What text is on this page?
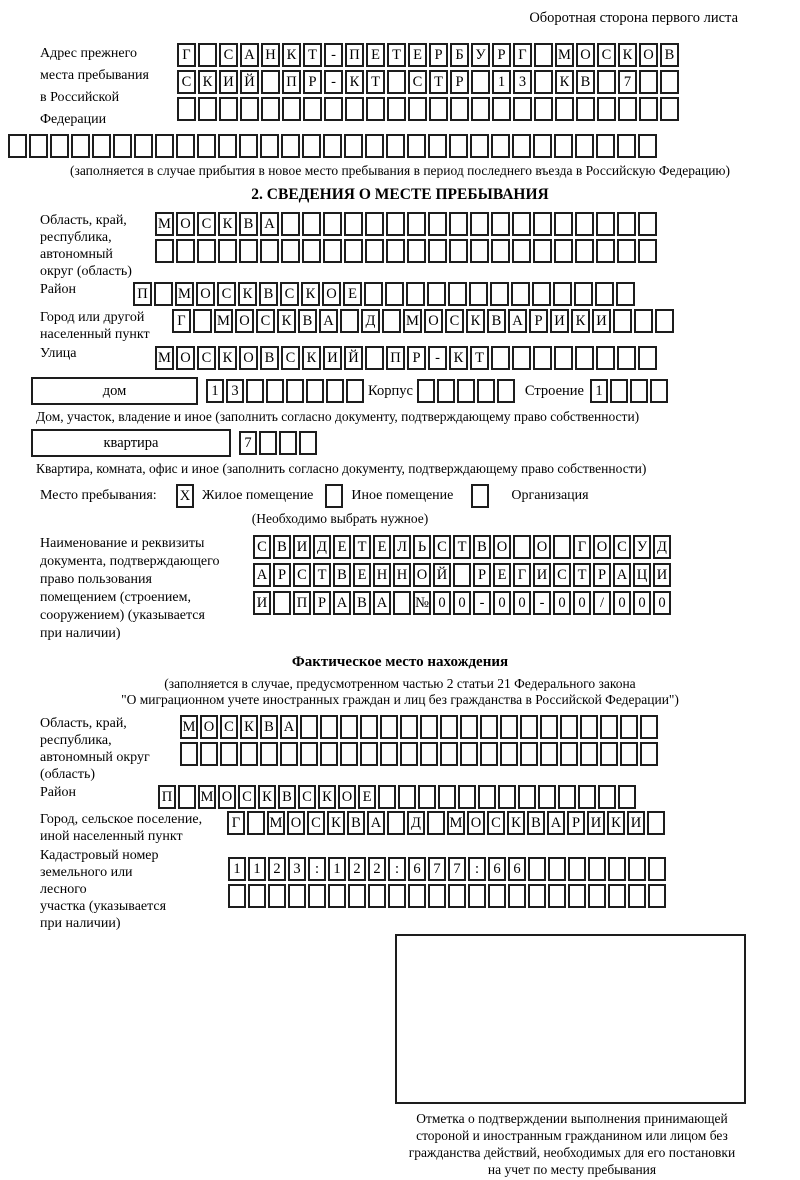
Оборотная сторона первого листа
Адрес прежнего
места пребывания
в Российской
Федерации
Г	С А Н К Т - П Е Т Е Р Б У Р Г	М О С К О В
С К И Й П Р	- К Т	С Т Р	1 3	К В	7
(заполняется в случае прибытия в новое место пребывания в период последнего въезда в Российскую Федерацию)
2. СВЕДЕНИЯ О МЕСТЕ ПРЕБЫВАНИЯ
Область, край,
республика,
автономный
округ (область)
М О С К В А
Район	П М О С К В С К О Е
Город или другой
населенный пункт
Г	М О С К В А	Д	М О С К В А Р И К И
Улица	М О С К О В С К И Й П Р	- К Т
дом	1 3	Корпус	Строение 1
Дом, участок, владение и иное (заполнить согласно документу, подтверждающему право собственности)
квартира	7
Квартира, комната, офис и иное (заполнить согласно документу, подтверждающему право собственности)
Место пребывания:	X Жилое помещение	Иное помещение	Организация
(Необходимо выбрать нужное)
Наименование и реквизиты
документа, подтверждающего
право пользования
помещением (строением,
сооружением) (указывается
при наличии)
С В И Д Е Т Е Л Ь С Т В О О	Г О С У Д
А Р С Т В Е Н Н О Й	Р Е Г И С Т Р А Ц И
И П Р А В А № 0 0 - 0 0 - 0 0 / 0 0 0
Фактическое место нахождения
(заполняется в случае, предусмотренном частью 2 статьи 21 Федерального закона
"О миграционном учете иностранных граждан и лиц без гражданства в Российской Федерации")
Область, край,
республика,
автономный округ
(область)
М О С К В А
Район	П М О С К В С К О Е
Город, сельское поселение,
иной населенный пункт
Г	М О С К В А Д М О С К В А Р И К И
Кадастровый номер
земельного или лесного
участка (указывается
при наличии)
1 1 2 3 : 1 2 2 : 6 7 7 : 6 6
Отметка о подтверждении выполнения принимающей
стороной и иностранным гражданином или лицом без
гражданства действий, необходимых для его постановки
на учет по месту пребывания
